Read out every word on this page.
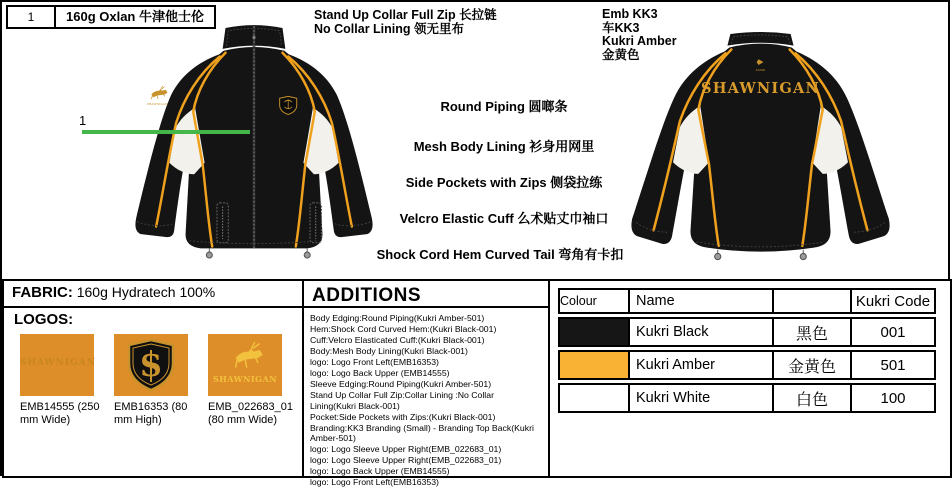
1	160g Oxlan 牛津他士伦	Stand Up Collar Full Zip 长拉链
No Collar Lining 领无里布
Emb KK3
车KK3
Kukri Amber
金黄色
Round Piping 圆啷条
Mesh Body Lining 衫身用网里
Side Pockets with Zips 侧袋拉练
Velcro Elastic Cuff 么术贴丈巾袖口
Shock Cord Hem Curved Tail 弯角有卡扣
1
SHAWNIGAN
KUKRI
SHAWNIGAN
FABRIC: 160g Hydratech 100%
LOGOS:
SHAWNIGAN
EMB14555 (250 mm Wide)
S
EMB16353 (80 mm High)
SHAWNIGAN
EMB_022683_01 (80 mm Wide)
ADDITIONS
Body Edging:Round Piping(Kukri Amber-501)
Hem:Shock Cord Curved Hem:(Kukri Black-001)
Cuff:Velcro Elasticated Cuff:(Kukri Black-001)
Body:Mesh Body Lining(Kukri Black-001)
logo: Logo Front Left(EMB16353)
logo: Logo Back Upper (EMB14555)
Sleeve Edging:Round Piping(Kukri Amber-501)
Stand Up Collar Full Zip:Collar Lining :No Collar Lining(Kukri Black-001)
Pocket:Side Pockets with Zips:(Kukri Black-001)
Branding:KK3 Branding (Small) - Branding Top Back(Kukri Amber-501)
logo: Logo Sleeve Upper Right(EMB_022683_01)
logo: Logo Sleeve Upper Right(EMB_022683_01)
logo: Logo Back Upper (EMB14555)
logo: Logo Front Left(EMB16353)
Colour	Name		Kukri Code
	Kukri Black	黑色	001
	Kukri Amber	金黄色	501
	Kukri White	白色	100
